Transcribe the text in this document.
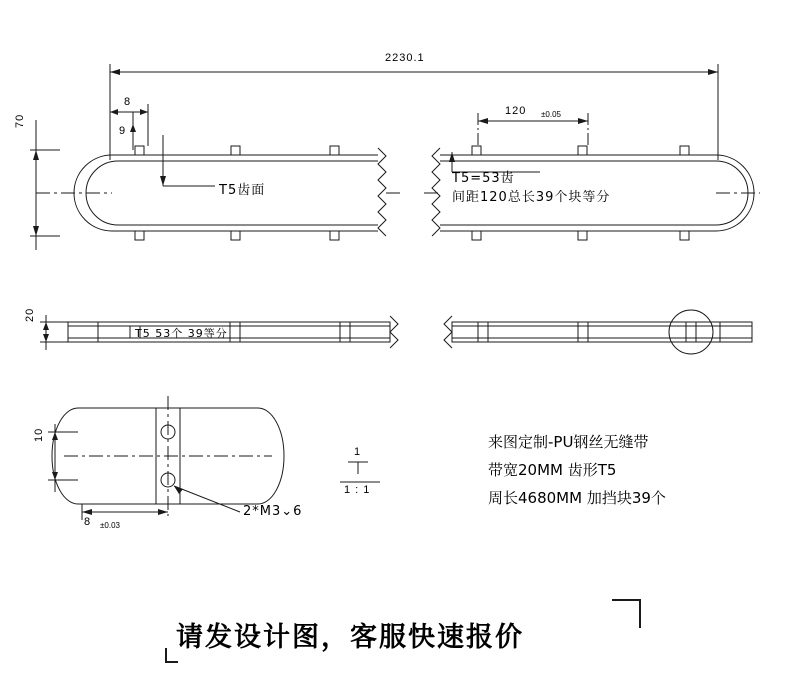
2230.1
8
9
70
T5齿面
120 ±0.05
T5=53齿
间距120总长39个块等分
20
T5 53个 39等分
10
8 ±0.03
2*M3⌄6
1
1 : 1
来图定制-PU钢丝无缝带
带宽20MM 齿形T5
周长4680MM 加挡块39个
请发设计图，客服快速报价
